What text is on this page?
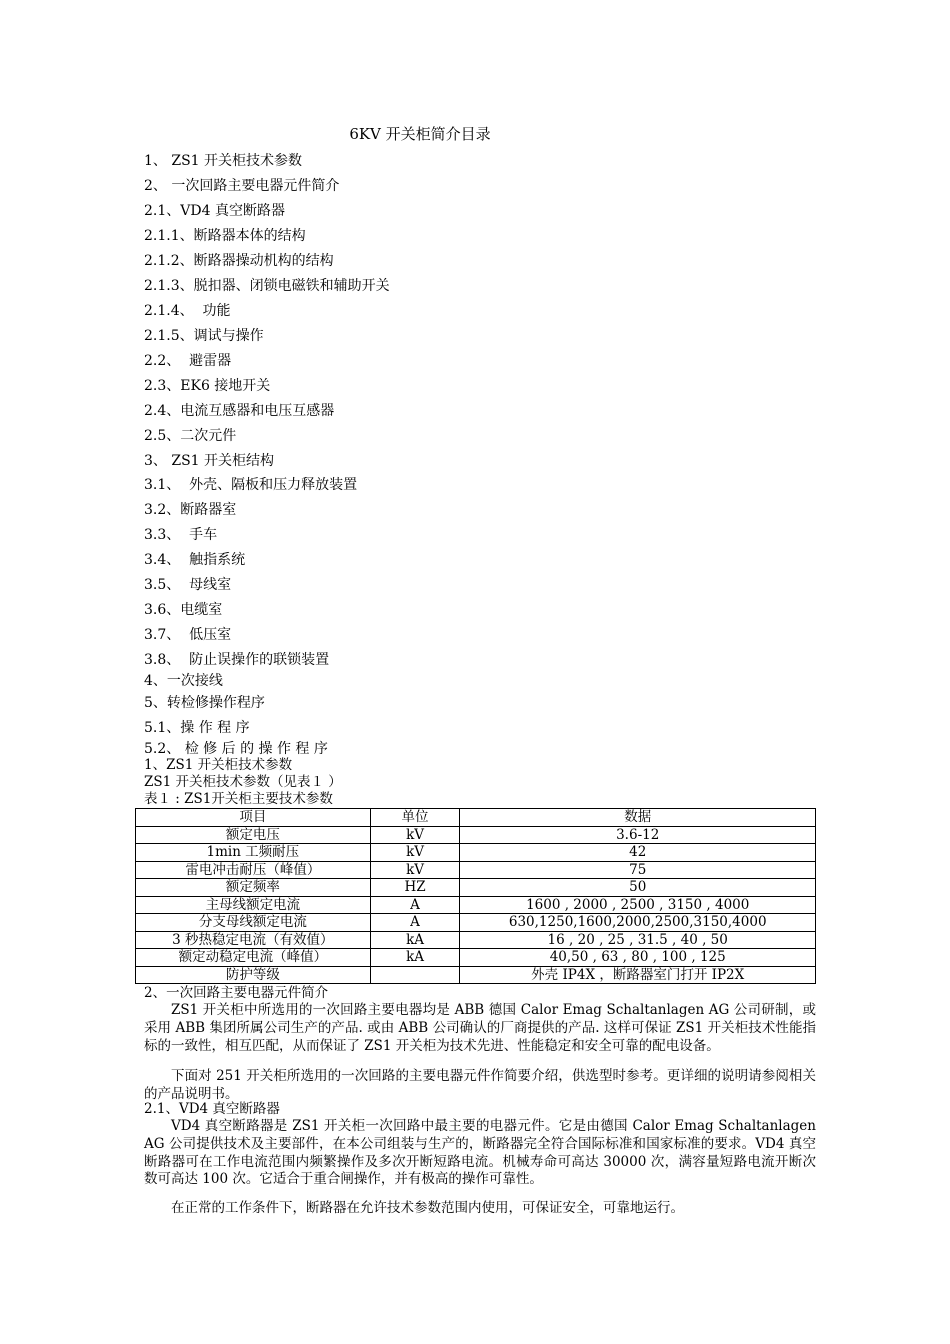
6KV 开关柜简介目录
1、 ZS1 开关柜技术参数
2、 一次回路主要电器元件简介
2.1、VD4 真空断路器
2.1.1、断路器本体的结构
2.1.2、断路器操动机构的结构
2.1.3、脱扣器、闭锁电磁铁和辅助开关
2.1.4、  功能
2.1.5、调试与操作
2.2、  避雷器
2.3、EK6 接地开关
2.4、电流互感器和电压互感器
2.5、二次元件
3、 ZS1 开关柜结构
3.1、  外壳、隔板和压力释放装置
3.2、断路器室
3.3、  手车
3.4、  触指系统
3.5、  母线室
3.6、电缆室
3.7、  低压室
3.8、  防止误操作的联锁装置
4、一次接线
5、转检修操作程序
5.1、操 作 程 序
5.2、 检 修 后 的 操 作 程 序
1、ZS1 开关柜技术参数
ZS1 开关柜技术参数（见表１ ）
表１ : ZS1开关柜主要技术参数
项目	单位	数据
额定电压	kV	3.6-12
1min 工频耐压	kV	42
雷电冲击耐压（峰值）	kV	75
额定频率	HZ	50
主母线额定电流	A	1600 , 2000 , 2500 , 3150 , 4000
分支母线额定电流	A	630,1250,1600,2000,2500,3150,4000
3 秒热稳定电流（有效值）	kA	16 , 20 , 25 , 31.5 , 40 , 50
额定动稳定电流（峰值）	kA	40,50 , 63 , 80 , 100 , 125
防护等级		外壳 IP4X ，断路器室门打开 IP2X
2、一次回路主要电器元件简介
ZS1 开关柜中所选用的一次回路主要电器均是 ABB 德国 Calor Emag Schaltanlagen AG 公司研制，或采用 ABB 集团所属公司生产的产品. 或由 ABB 公司确认的厂商提供的产品. 这样可保证 ZS1 开关柜技术性能指标的一致性，相互匹配，从而保证了 ZS1 开关柜为技术先进、性能稳定和安全可靠的配电设备。
下面对 251 开关柜所选用的一次回路的主要电器元件作简要介绍，供选型时参考。更详细的说明请参阅相关的产品说明书。
2.1、VD4 真空断路器
VD4 真空断路器是 ZS1 开关柜一次回路中最主要的电器元件。它是由德国 Calor Emag Schaltanlagen AG 公司提供技术及主要部件，在本公司组装与生产的，断路器完全符合国际标准和国家标准的要求。VD4 真空断路器可在工作电流范围内频繁操作及多次开断短路电流。机械寿命可高达 30000 次，满容量短路电流开断次数可高达 100 次。它适合于重合闸操作，并有极高的操作可靠性。
在正常的工作条件下，断路器在允许技术参数范围内使用，可保证安全，可靠地运行。
